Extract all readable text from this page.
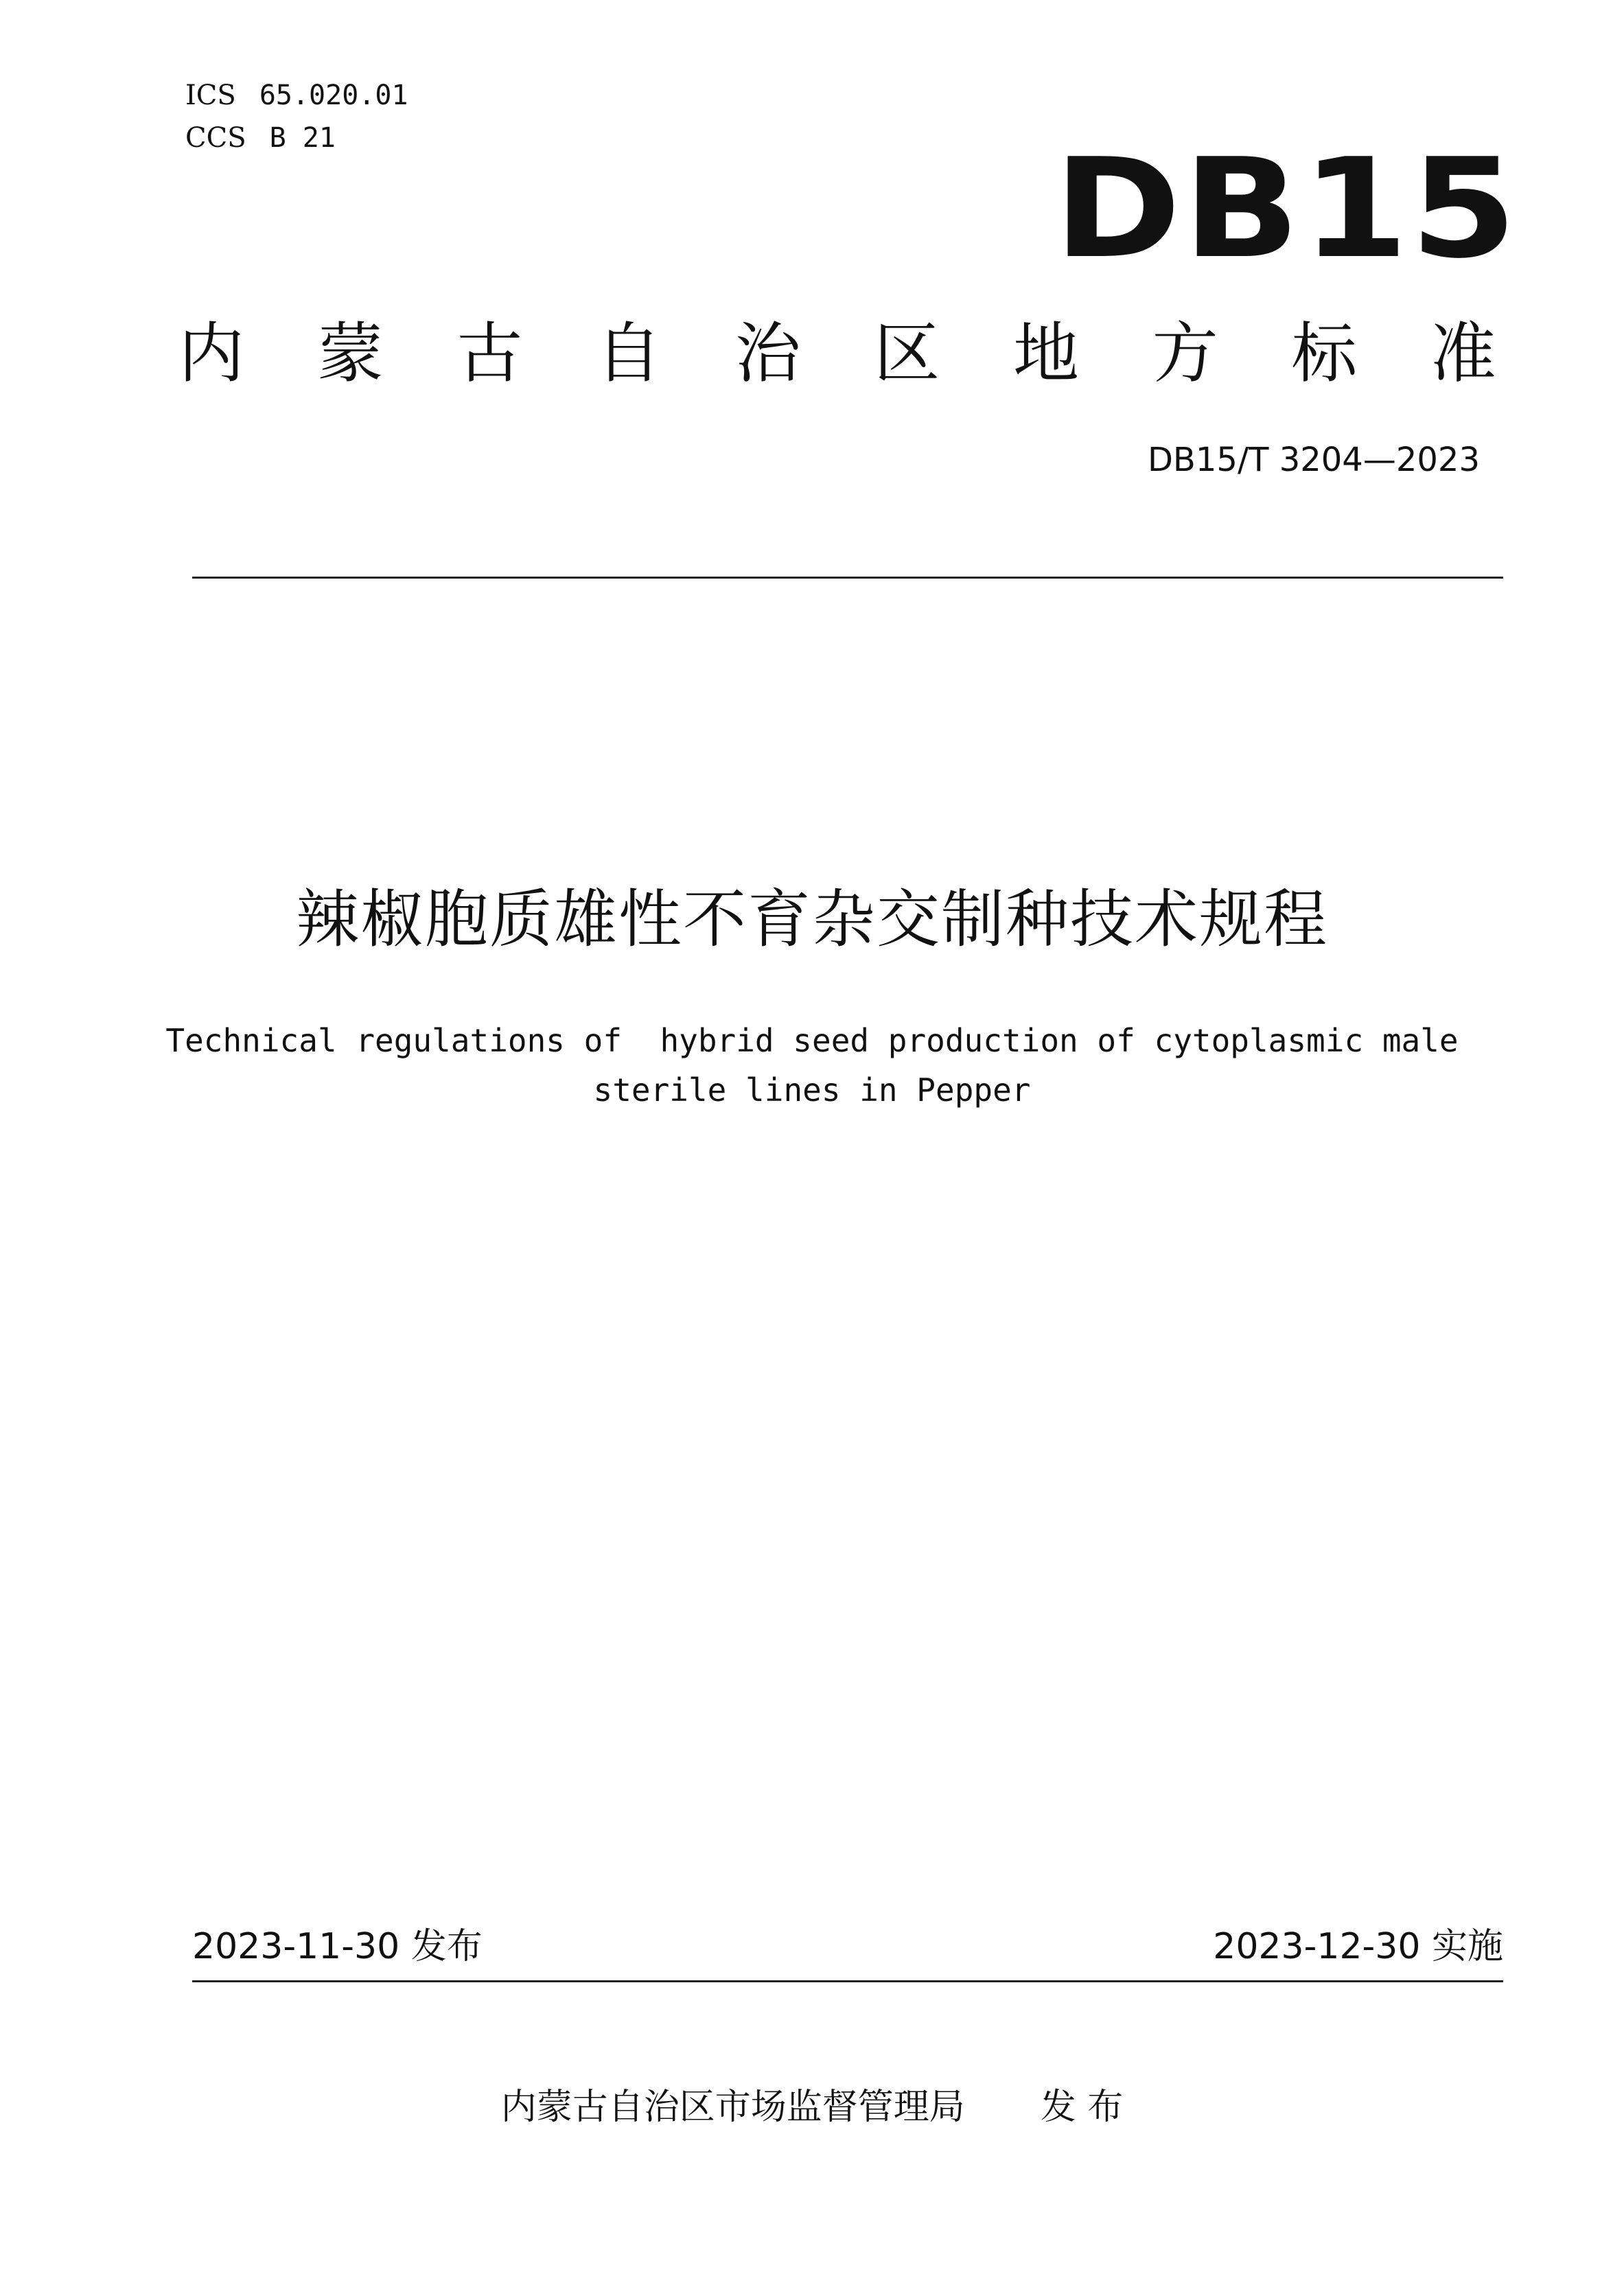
ICS 65.020.01
CCS B 21	DB15
内 蒙 古 自 治 区 地 方 标 准
DB15/T 3204—2023
辣椒胞质雄性不育杂交制种技术规程
Technical regulations of  hybrid seed production of cytoplasmic male
sterile lines in Pepper
2023-11-30 发布	2023-12-30 实施
内蒙古自治区市场监督管理局 发 布
